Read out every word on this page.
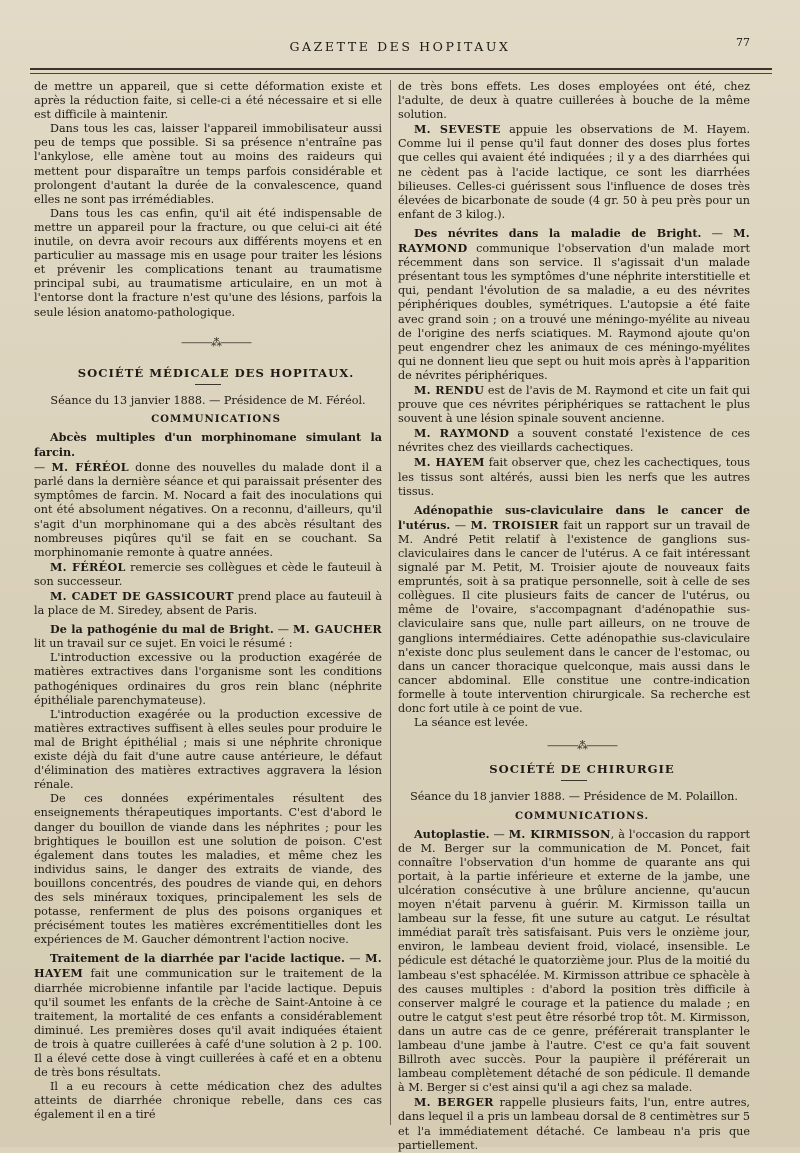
GAZETTE DES HOPITAUX	77

de mettre un appareil, que si cette déformation existe et après la réduction faite, si celle-ci a été nécessaire et si elle est difficile à maintenir.

Dans tous les cas, laisser l'appareil immobilisateur aussi peu de temps que possible. Si sa présence n'entraîne pas l'ankylose, elle amène tout au moins des raideurs qui mettent pour disparaître un temps parfois considérable et prolongent d'autant la durée de la convalescence, quand elles ne sont pas irrémédiables.

Dans tous les cas enfin, qu'il ait été indispensable de mettre un appareil pour la fracture, ou que celui-ci ait été inutile, on devra avoir recours aux différents moyens et en particulier au massage mis en usage pour traiter les lésions et prévenir les complications tenant au traumatisme principal subi, au traumatisme articulaire, en un mot à l'entorse dont la fracture n'est qu'une des lésions, parfois la seule lésion anatomo-pathologique.

———⁂———

SOCIÉTÉ MÉDICALE DES HOPITAUX.

Séance du 13 janvier 1888. — Présidence de M. Féréol.

COMMUNICATIONS

Abcès multiples d'un morphinomane simulant la farcin.
— M. FÉRÉOL donne des nouvelles du malade dont il a parlé dans la dernière séance et qui paraissait présenter des symptômes de farcin. M. Nocard a fait des inoculations qui ont été absolument négatives. On a reconnu, d'ailleurs, qu'il s'agit d'un morphinomane qui a des abcès résultant des nombreuses piqûres qu'il se fait en se couchant. Sa morphinomanie remonte à quatre années.

M. FÉRÉOL remercie ses collègues et cède le fauteuil à son successeur.

M. CADET DE GASSICOURT prend place au fauteuil à la place de M. Siredey, absent de Paris.

De la pathogénie du mal de Bright. — M. GAUCHER lit un travail sur ce sujet. En voici le résumé :

L'introduction excessive ou la production exagérée de matières extractives dans l'organisme sont les conditions pathogéniques ordinaires du gros rein blanc (néphrite épithéliale parenchymateuse).

L'introduction exagérée ou la production excessive de matières extractives suffisent à elles seules pour produire le mal de Bright épithélial ; mais si une néphrite chronique existe déjà du fait d'une autre cause antérieure, le défaut d'élimination des matières extractives aggravera la lésion rénale.

De ces données expérimentales résultent des enseignements thérapeutiques importants. C'est d'abord le danger du bouillon de viande dans les néphrites ; pour les brightiques le bouillon est une solution de poison. C'est également dans toutes les maladies, et même chez les individus sains, le danger des extraits de viande, des bouillons concentrés, des poudres de viande qui, en dehors des sels minéraux toxiques, principalement les sels de potasse, renferment de plus des poisons organiques et précisément toutes les matières excrémentitielles dont les expériences de M. Gaucher démontrent l'action nocive.

Traitement de la diarrhée par l'acide lactique. — M. HAYEM fait une communication sur le traitement de la diarrhée microbienne infantile par l'acide lactique. Depuis qu'il soumet les enfants de la crèche de Saint-Antoine à ce traitement, la mortalité de ces enfants a considérablement diminué. Les premières doses qu'il avait indiquées étaient de trois à quatre cuillerées à café d'une solution à 2 p. 100. Il a élevé cette dose à vingt cuillerées à café et en a obtenu de très bons résultats.

Il a eu recours à cette médication chez des adultes atteints de diarrhée chronique rebelle, dans ces cas également il en a tiré

de très bons effets. Les doses employées ont été, chez l'adulte, de deux à quatre cuillerées à bouche de la même solution.

M. SEVESTE appuie les observations de M. Hayem. Comme lui il pense qu'il faut donner des doses plus fortes que celles qui avaient été indiquées ; il y a des diarrhées qui ne cèdent pas à l'acide lactique, ce sont les diarrhées bilieuses. Celles-ci guérissent sous l'influence de doses très élevées de bicarbonate de soude (4 gr. 50 à peu près pour un enfant de 3 kilog.).

Des névrites dans la maladie de Bright. — M. RAYMOND communique l'observation d'un malade mort récemment dans son service. Il s'agissait d'un malade présentant tous les symptômes d'une néphrite interstitielle et qui, pendant l'évolution de sa maladie, a eu des névrites périphériques doubles, symétriques. L'autopsie a été faite avec grand soin ; on a trouvé une méningo-myélite au niveau de l'origine des nerfs sciatiques. M. Raymond ajoute qu'on peut engendrer chez les animaux de ces méningo-myélites qui ne donnent lieu que sept ou huit mois après à l'apparition de névrites périphériques.

M. RENDU est de l'avis de M. Raymond et cite un fait qui prouve que ces névrites périphériques se rattachent le plus souvent à une lésion spinale souvent ancienne.

M. RAYMOND a souvent constaté l'existence de ces névrites chez des vieillards cachectiques.

M. HAYEM fait observer que, chez les cachectiques, tous les tissus sont altérés, aussi bien les nerfs que les autres tissus.

Adénopathie sus-claviculaire dans le cancer de l'utérus. — M. TROISIER fait un rapport sur un travail de M. André Petit relatif à l'existence de ganglions sus-claviculaires dans le cancer de l'utérus. A ce fait intéressant signalé par M. Petit, M. Troisier ajoute de nouveaux faits empruntés, soit à sa pratique personnelle, soit à celle de ses collègues. Il cite plusieurs faits de cancer de l'utérus, ou même de l'ovaire, s'accompagnant d'adénopathie sus-claviculaire sans que, nulle part ailleurs, on ne trouve de ganglions intermédiaires. Cette adénopathie sus-claviculaire n'existe donc plus seulement dans le cancer de l'estomac, ou dans un cancer thoracique quelconque, mais aussi dans le cancer abdominal. Elle constitue une contre-indication formelle à toute intervention chirurgicale. Sa recherche est donc fort utile à ce point de vue.

La séance est levée.

———⁂———

SOCIÉTÉ DE CHIRURGIE

Séance du 18 janvier 1888. — Présidence de M. Polaillon.

COMMUNICATIONS.

Autoplastie. — M. KIRMISSON, à l'occasion du rapport de M. Berger sur la communication de M. Poncet, fait connaître l'observation d'un homme de quarante ans qui portait, à la partie inférieure et externe de la jambe, une ulcération consécutive à une brûlure ancienne, qu'aucun moyen n'était parvenu à guérir. M. Kirmisson tailla un lambeau sur la fesse, fit une suture au catgut. Le résultat immédiat paraît très satisfaisant. Puis vers le onzième jour, environ, le lambeau devient froid, violacé, insensible. Le pédicule est détaché le quatorzième jour. Plus de la moitié du lambeau s'est sphacélée. M. Kirmisson attribue ce sphacèle à des causes multiples : d'abord la position très difficile à conserver malgré le courage et la patience du malade ; en outre le catgut s'est peut être résorbé trop tôt. M. Kirmisson, dans un autre cas de ce genre, préférerait transplanter le lambeau d'une jambe à l'autre. C'est ce qu'a fait souvent Billroth avec succès. Pour la paupière il préférerait un lambeau complètement détaché de son pédicule. Il demande à M. Berger si c'est ainsi qu'il a agi chez sa malade.

M. BERGER rappelle plusieurs faits, l'un, entre autres, dans lequel il a pris un lambeau dorsal de 8 centimètres sur 5 et l'a immédiatement détaché. Ce lambeau n'a pris que partiellement.
